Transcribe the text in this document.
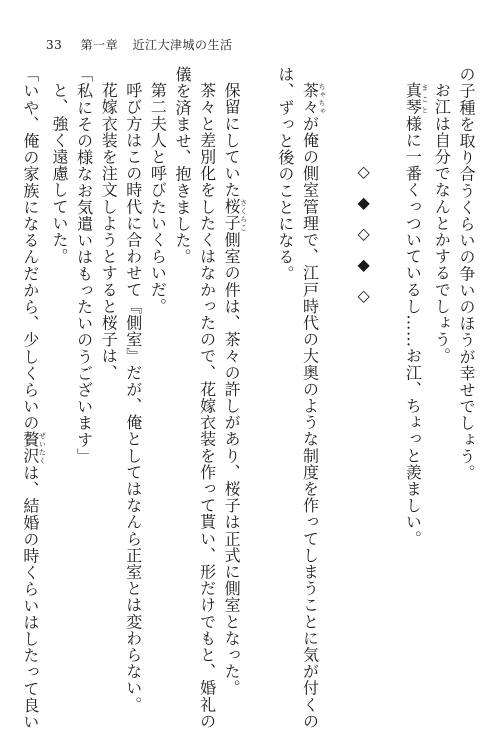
33 第一章 近江大津城の生活
の子種を取り合うくらいの争いのほうが幸せでしょう。
お江は自分でなんとかするでしょう。
真琴まこと様に一番くっついているし……お江、ちょっと羨ましい。

◇◆◇◆◇

茶々ちゃちゃが俺の側室管理で、江戸時代の大奥のような制度を作ってしまうことに気が付くの
は、ずっと後のことになる。

保留にしていた桜子さくらこ側室の件は、茶々の許しがあり、桜子は正式に側室となった。
茶々と差別化をしたくはなかったので、花嫁衣装を作って貰い、形だけでもと、婚礼の
儀を済ませ、抱きました。
第二夫人と呼びたいくらいだ。
呼び方はこの時代に合わせて『側室』だが、俺としてはなんら正室とは変わらない。
花嫁衣装を注文しようとすると桜子は、
「私にその様なお気遣いはもったいのうございます」
と、強く遠慮していた。
「いや、俺の家族になるんだから、少しくらいの贅沢ぜいたくは、結婚の時くらいはしたって良い
